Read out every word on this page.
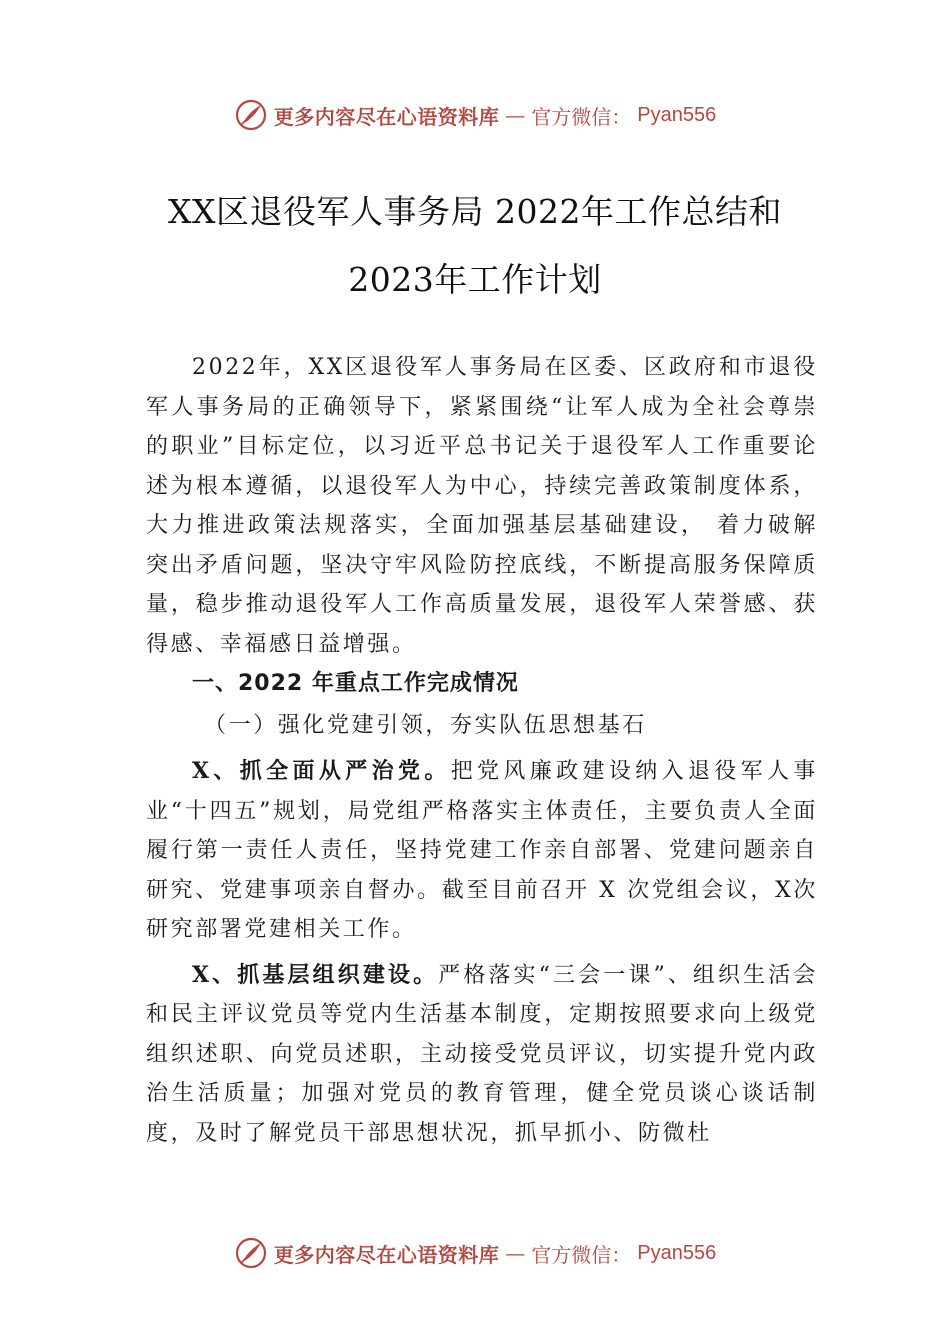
更多内容尽在心语资料库 — 官方微信： Pyan556
XX区退役军人事务局 2022年工作总结和
2023年工作计划

2022年，XX区退役军人事务局在区委、区政府和市退役军人事务局的正确领导下，紧紧围绕“让军人成为全社会尊崇的职业”目标定位，以习近平总书记关于退役军人工作重要论述为根本遵循，以退役军人为中心，持续完善政策制度体系，大力推进政策法规落实，全面加强基层基础建设， 着力破解突出矛盾问题，坚决守牢风险防控底线，不断提高服务保障质量，稳步推动退役军人工作高质量发展，退役军人荣誉感、获得感、幸福感日益增强。

一、2022 年重点工作完成情况

（一）强化党建引领，夯实队伍思想基石

X、抓全面从严治党。把党风廉政建设纳入退役军人事业“十四五”规划，局党组严格落实主体责任，主要负责人全面履行第一责任人责任，坚持党建工作亲自部署、党建问题亲自研究、党建事项亲自督办。截至目前召开 X 次党组会议，X次研究部署党建相关工作。

X、抓基层组织建设。严格落实“三会一课”、组织生活会和民主评议党员等党内生活基本制度，定期按照要求向上级党组织述职、向党员述职，主动接受党员评议，切实提升党内政治生活质量；加强对党员的教育管理，健全党员谈心谈话制度，及时了解党员干部思想状况，抓早抓小、防微杜

更多内容尽在心语资料库 — 官方微信： Pyan556
